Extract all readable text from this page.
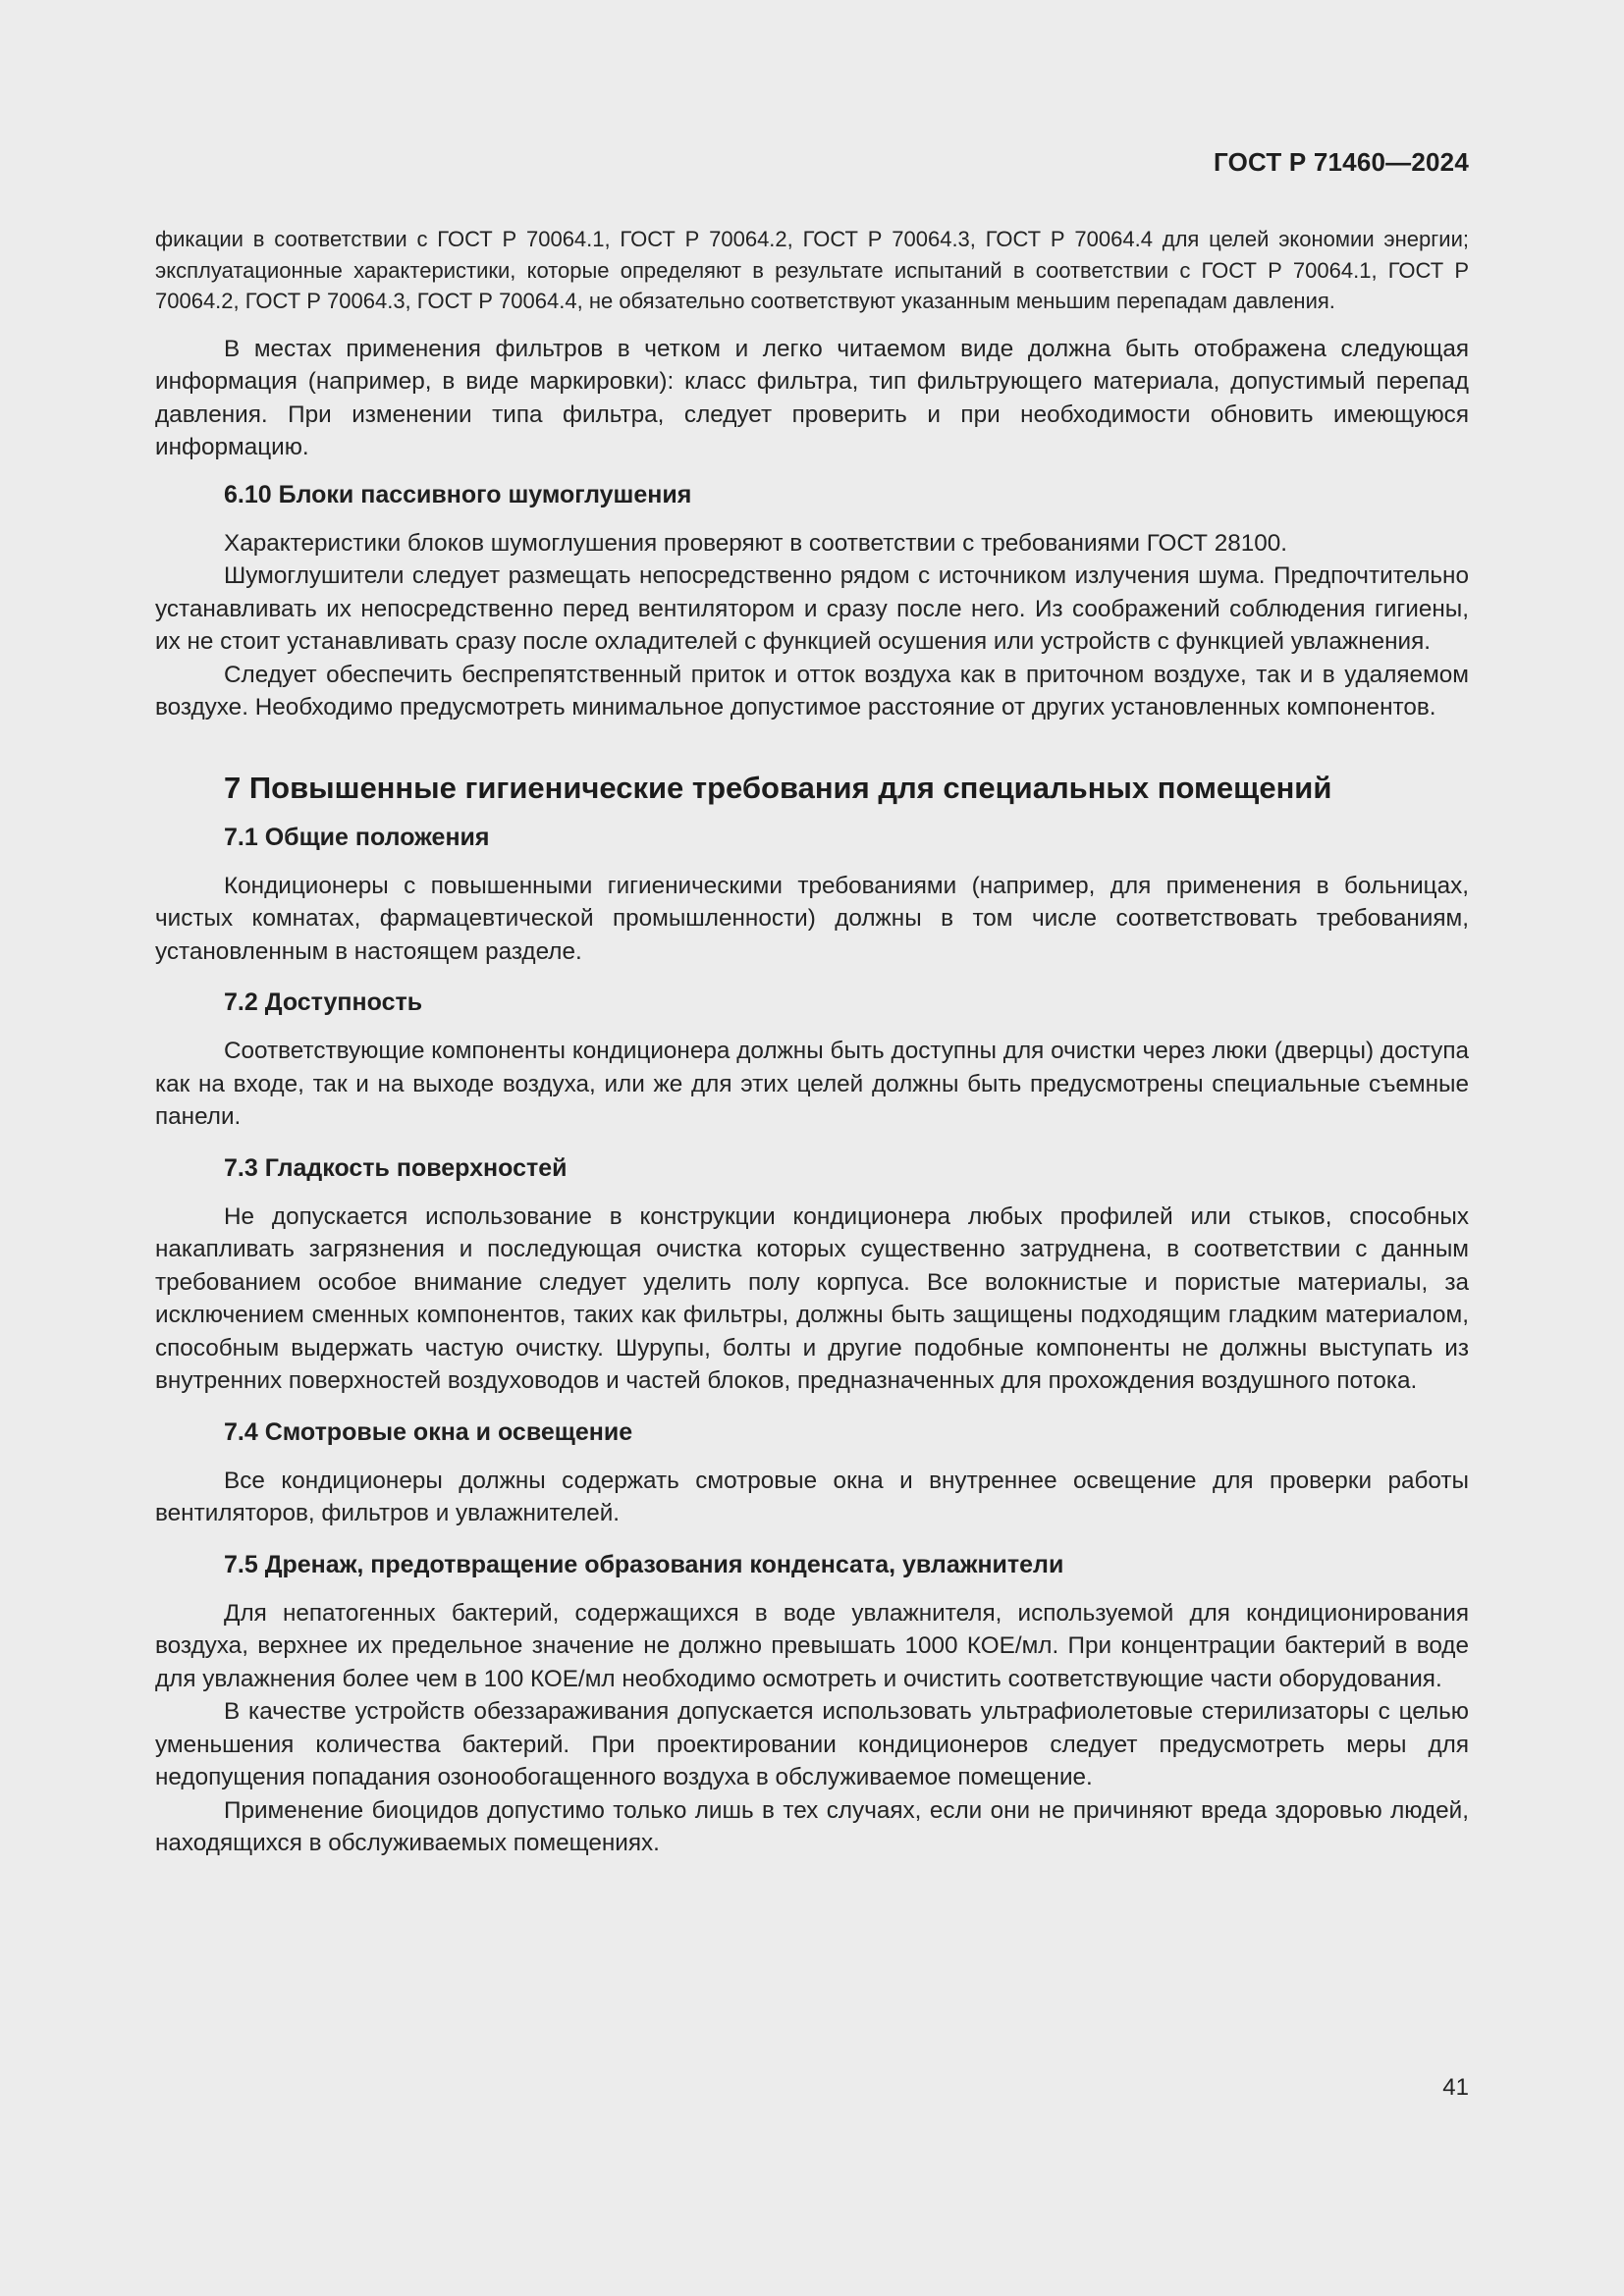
ГОСТ Р 71460—2024

фикации в соответствии с ГОСТ Р 70064.1, ГОСТ Р 70064.2, ГОСТ Р 70064.3, ГОСТ Р 70064.4 для целей экономии энергии; эксплуатационные характеристики, которые определяют в результате испытаний в соответствии с ГОСТ Р 70064.1, ГОСТ Р 70064.2, ГОСТ Р 70064.3, ГОСТ Р 70064.4, не обязательно соответствуют указанным меньшим перепадам давления.

В местах применения фильтров в четком и легко читаемом виде должна быть отображена следующая информация (например, в виде маркировки): класс фильтра, тип фильтрующего материала, допустимый перепад давления. При изменении типа фильтра, следует проверить и при необходимости обновить имеющуюся информацию.

6.10 Блоки пассивного шумоглушения

Характеристики блоков шумоглушения проверяют в соответствии с требованиями ГОСТ 28100.

Шумоглушители следует размещать непосредственно рядом с источником излучения шума. Предпочтительно устанавливать их непосредственно перед вентилятором и сразу после него. Из соображений соблюдения гигиены, их не стоит устанавливать сразу после охладителей с функцией осушения или устройств с функцией увлажнения.

Следует обеспечить беспрепятственный приток и отток воздуха как в приточном воздухе, так и в удаляемом воздухе. Необходимо предусмотреть минимальное допустимое расстояние от других установленных компонентов.

7 Повышенные гигиенические требования для специальных помещений
7.1 Общие положения

Кондиционеры с повышенными гигиеническими требованиями (например, для применения в больницах, чистых комнатах, фармацевтической промышленности) должны в том числе соответствовать требованиям, установленным в настоящем разделе.

7.2 Доступность

Соответствующие компоненты кондиционера должны быть доступны для очистки через люки (дверцы) доступа как на входе, так и на выходе воздуха, или же для этих целей должны быть предусмотрены специальные съемные панели.

7.3 Гладкость поверхностей

Не допускается использование в конструкции кондиционера любых профилей или стыков, способных накапливать загрязнения и последующая очистка которых существенно затруднена, в соответствии с данным требованием особое внимание следует уделить полу корпуса. Все волокнистые и пористые материалы, за исключением сменных компонентов, таких как фильтры, должны быть защищены подходящим гладким материалом, способным выдержать частую очистку. Шурупы, болты и другие подобные компоненты не должны выступать из внутренних поверхностей воздуховодов и частей блоков, предназначенных для прохождения воздушного потока.

7.4 Смотровые окна и освещение

Все кондиционеры должны содержать смотровые окна и внутреннее освещение для проверки работы вентиляторов, фильтров и увлажнителей.

7.5 Дренаж, предотвращение образования конденсата, увлажнители

Для непатогенных бактерий, содержащихся в воде увлажнителя, используемой для кондиционирования воздуха, верхнее их предельное значение не должно превышать 1000 КОЕ/мл. При концентрации бактерий в воде для увлажнения более чем в 100 КОЕ/мл необходимо осмотреть и очистить соответствующие части оборудования.

В качестве устройств обеззараживания допускается использовать ультрафиолетовые стерилизаторы с целью уменьшения количества бактерий. При проектировании кондиционеров следует предусмотреть меры для недопущения попадания озонообогащенного воздуха в обслуживаемое помещение.

Применение биоцидов допустимо только лишь в тех случаях, если они не причиняют вреда здоровью людей, находящихся в обслуживаемых помещениях.

41
